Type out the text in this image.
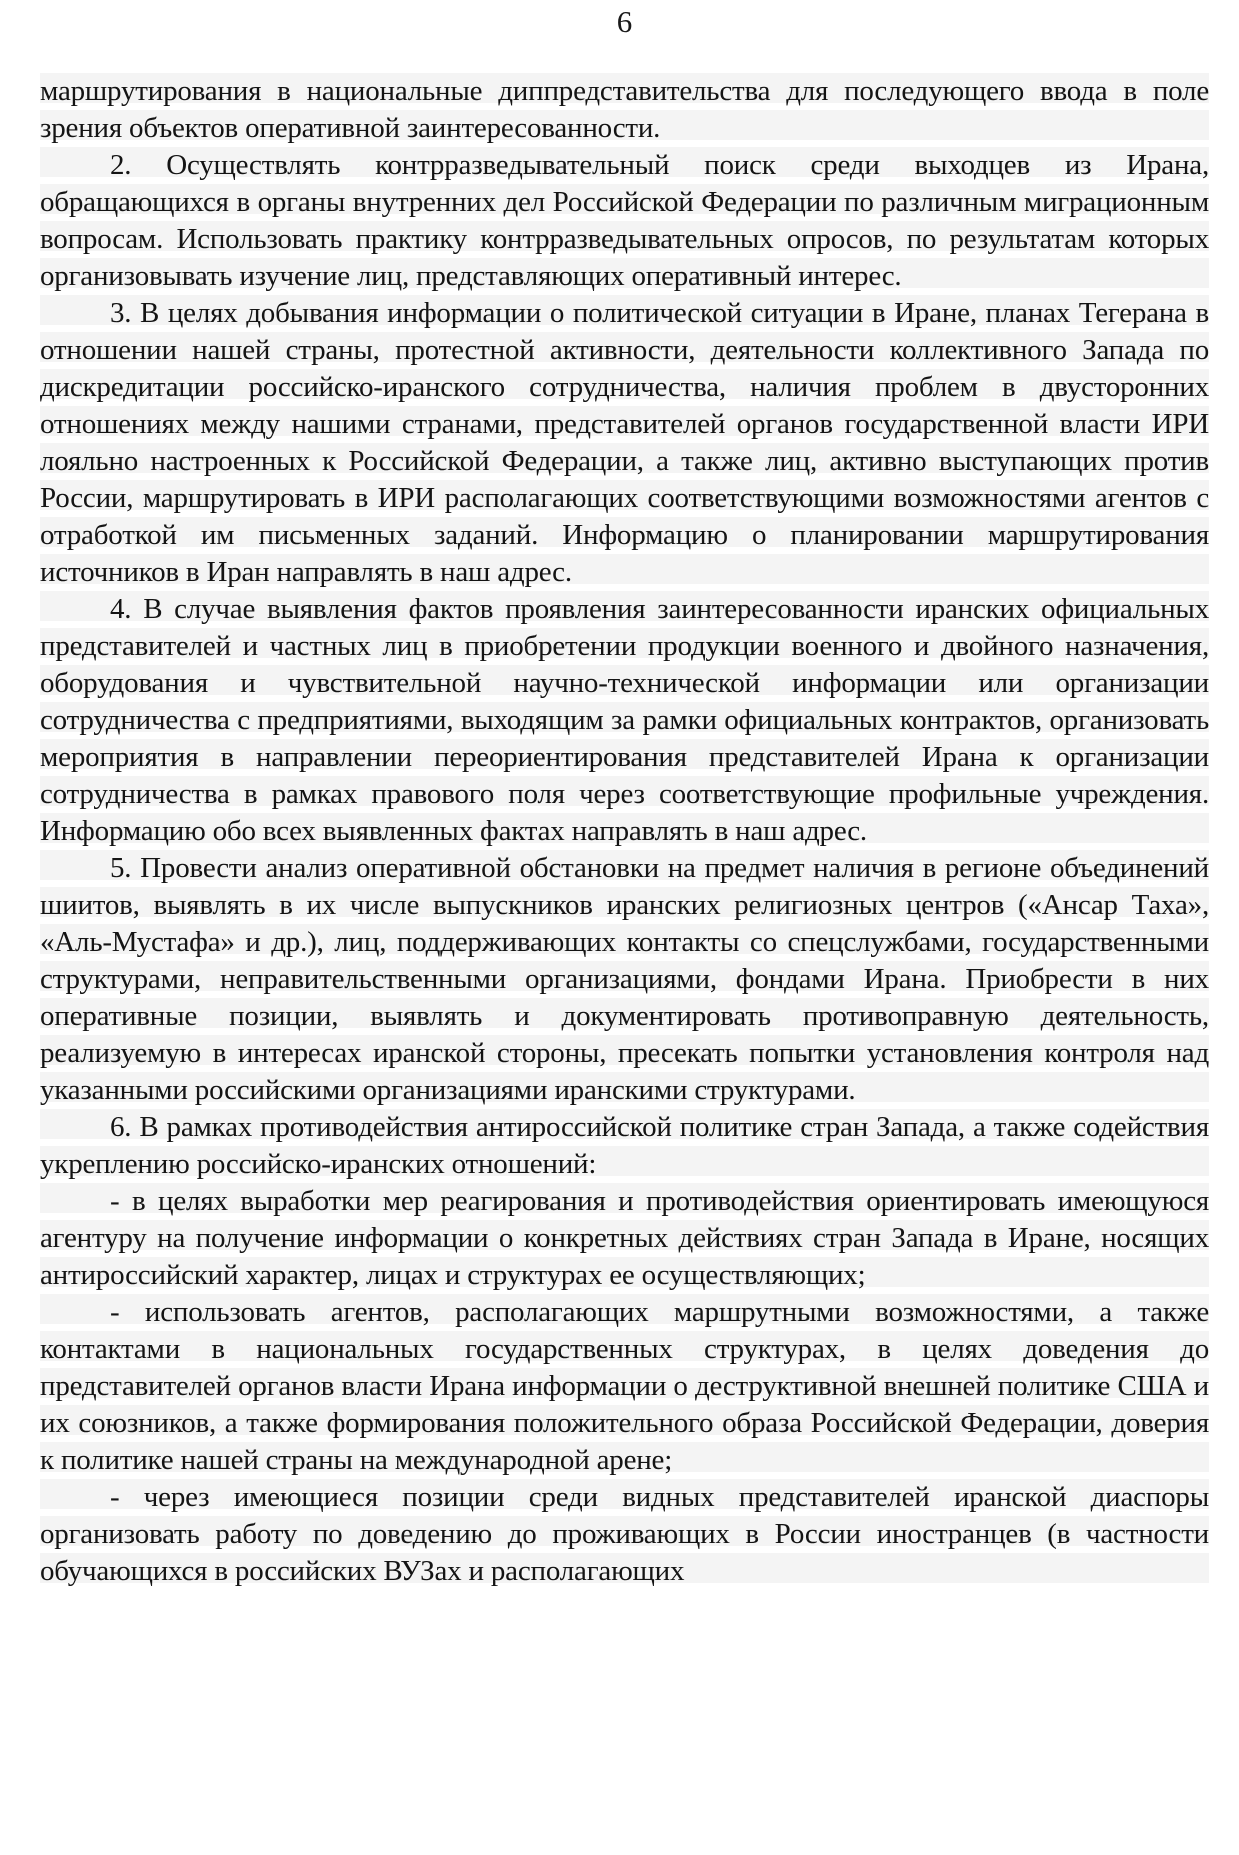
6

маршрутирования в национальные диппредставительства для последующего ввода в поле зрения объектов оперативной заинтересованности.

2. Осуществлять контрразведывательный поиск среди выходцев из Ирана, обращающихся в органы внутренних дел Российской Федерации по различным миграционным вопросам. Использовать практику контрразведывательных опросов, по результатам которых организовывать изучение лиц, представляющих оперативный интерес.

3. В целях добывания информации о политической ситуации в Иране, планах Тегерана в отношении нашей страны, протестной активности, деятельности коллективного Запада по дискредитации российско-иранского сотрудничества, наличия проблем в двусторонних отношениях между нашими странами, представителей органов государственной власти ИРИ лояльно настроенных к Российской Федерации, а также лиц, активно выступающих против России, маршрутировать в ИРИ располагающих соответствующими возможностями агентов с отработкой им письменных заданий. Информацию о планировании маршрутирования источников в Иран направлять в наш адрес.

4. В случае выявления фактов проявления заинтересованности иранских официальных представителей и частных лиц в приобретении продукции военного и двойного назначения, оборудования и чувствительной научно-технической информации или организации сотрудничества с предприятиями, выходящим за рамки официальных контрактов, организовать мероприятия в направлении переориентирования представителей Ирана к организации сотрудничества в рамках правового поля через соответствующие профильные учреждения. Информацию обо всех выявленных фактах направлять в наш адрес.

5. Провести анализ оперативной обстановки на предмет наличия в регионе объединений шиитов, выявлять в их числе выпускников иранских религиозных центров («Ансар Таха», «Аль-Мустафа» и др.), лиц, поддерживающих контакты со спецслужбами, государственными структурами, неправительственными организациями, фондами Ирана. Приобрести в них оперативные позиции, выявлять и документировать противоправную деятельность, реализуемую в интересах иранской стороны, пресекать попытки установления контроля над указанными российскими организациями иранскими структурами.

6. В рамках противодействия антироссийской политике стран Запада, а также содействия укреплению российско-иранских отношений:

- в целях выработки мер реагирования и противодействия ориентировать имеющуюся агентуру на получение информации о конкретных действиях стран Запада в Иране, носящих антироссийский характер, лицах и структурах ее осуществляющих;

- использовать агентов, располагающих маршрутными возможностями, а также контактами в национальных государственных структурах, в целях доведения до представителей органов власти Ирана информации о деструктивной внешней политике США и их союзников, а также формирования положительного образа Российской Федерации, доверия к политике нашей страны на международной арене;

- через имеющиеся позиции среди видных представителей иранской диаспоры организовать работу по доведению до проживающих в России иностранцев (в частности обучающихся в российских ВУЗах и располагающих
